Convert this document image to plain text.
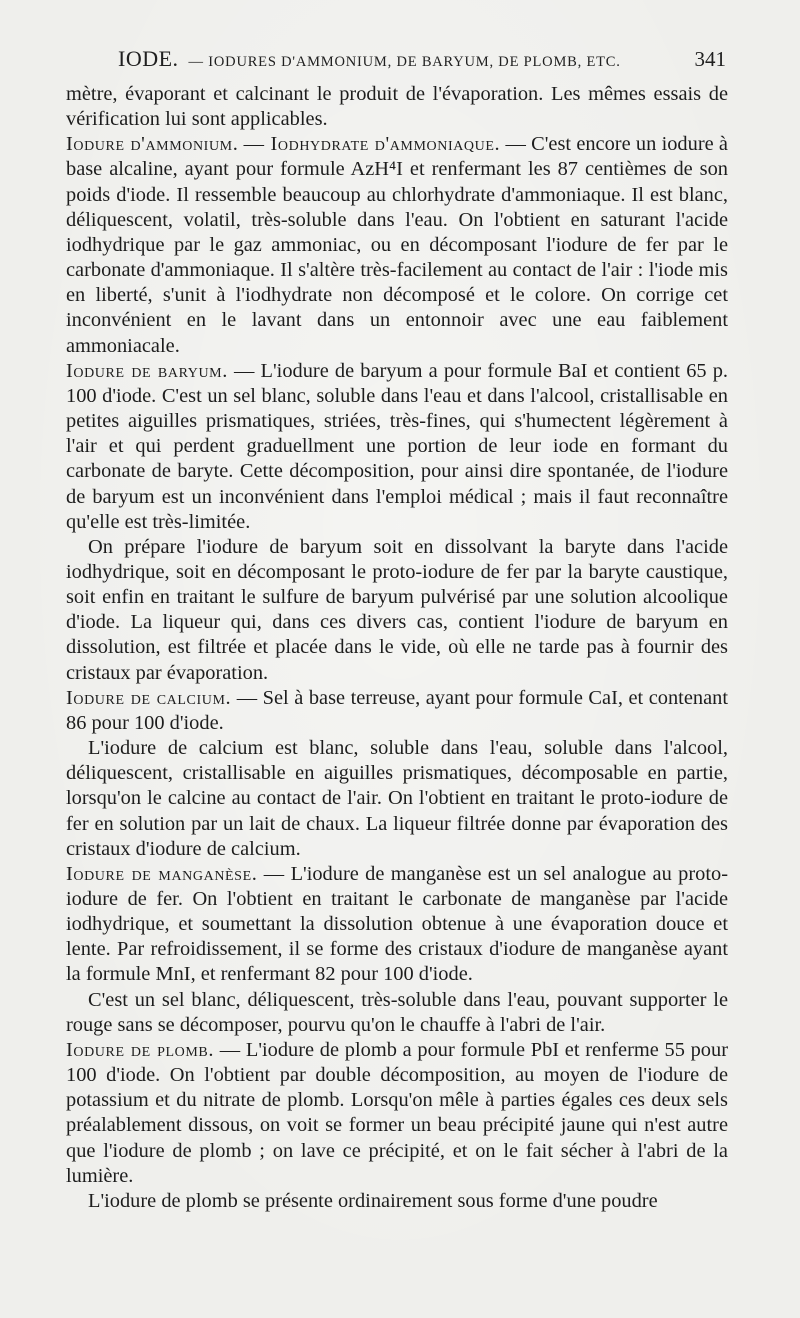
IODE. — IODURES D'AMMONIUM, DE BARYUM, DE PLOMB, ETC.	341

mètre, évaporant et calcinant le produit de l'évaporation. Les mêmes essais de vérification lui sont applicables.

Iodure d'ammonium. — Iodhydrate d'ammoniaque. — C'est encore un iodure à base alcaline, ayant pour formule AzH⁴I et renfermant les 87 centièmes de son poids d'iode. Il ressemble beaucoup au chlorhydrate d'ammoniaque. Il est blanc, déliquescent, volatil, très-soluble dans l'eau. On l'obtient en saturant l'acide iodhydrique par le gaz ammoniac, ou en décomposant l'iodure de fer par le carbonate d'ammoniaque. Il s'altère très-facilement au contact de l'air : l'iode mis en liberté, s'unit à l'iodhydrate non décomposé et le colore. On corrige cet inconvénient en le lavant dans un entonnoir avec une eau faiblement ammoniacale.

Iodure de baryum. — L'iodure de baryum a pour formule BaI et contient 65 p. 100 d'iode. C'est un sel blanc, soluble dans l'eau et dans l'alcool, cristallisable en petites aiguilles prismatiques, striées, très-fines, qui s'humectent légèrement à l'air et qui perdent graduellment une portion de leur iode en formant du carbonate de baryte. Cette décomposition, pour ainsi dire spontanée, de l'iodure de baryum est un inconvénient dans l'emploi médical ; mais il faut reconnaître qu'elle est très-limitée.

On prépare l'iodure de baryum soit en dissolvant la baryte dans l'acide iodhydrique, soit en décomposant le proto-iodure de fer par la baryte caustique, soit enfin en traitant le sulfure de baryum pulvérisé par une solution alcoolique d'iode. La liqueur qui, dans ces divers cas, contient l'iodure de baryum en dissolution, est filtrée et placée dans le vide, où elle ne tarde pas à fournir des cristaux par évaporation.

Iodure de calcium. — Sel à base terreuse, ayant pour formule CaI, et contenant 86 pour 100 d'iode.

L'iodure de calcium est blanc, soluble dans l'eau, soluble dans l'alcool, déliquescent, cristallisable en aiguilles prismatiques, décomposable en partie, lorsqu'on le calcine au contact de l'air. On l'obtient en traitant le proto-iodure de fer en solution par un lait de chaux. La liqueur filtrée donne par évaporation des cristaux d'iodure de calcium.

Iodure de manganèse. — L'iodure de manganèse est un sel analogue au proto-iodure de fer. On l'obtient en traitant le carbonate de manganèse par l'acide iodhydrique, et soumettant la dissolution obtenue à une évaporation douce et lente. Par refroidissement, il se forme des cristaux d'iodure de manganèse ayant la formule MnI, et renfermant 82 pour 100 d'iode.

C'est un sel blanc, déliquescent, très-soluble dans l'eau, pouvant supporter le rouge sans se décomposer, pourvu qu'on le chauffe à l'abri de l'air.

Iodure de plomb. — L'iodure de plomb a pour formule PbI et renferme 55 pour 100 d'iode. On l'obtient par double décomposition, au moyen de l'iodure de potassium et du nitrate de plomb. Lorsqu'on mêle à parties égales ces deux sels préalablement dissous, on voit se former un beau précipité jaune qui n'est autre que l'iodure de plomb ; on lave ce précipité, et on le fait sécher à l'abri de la lumière.

L'iodure de plomb se présente ordinairement sous forme d'une poudre
